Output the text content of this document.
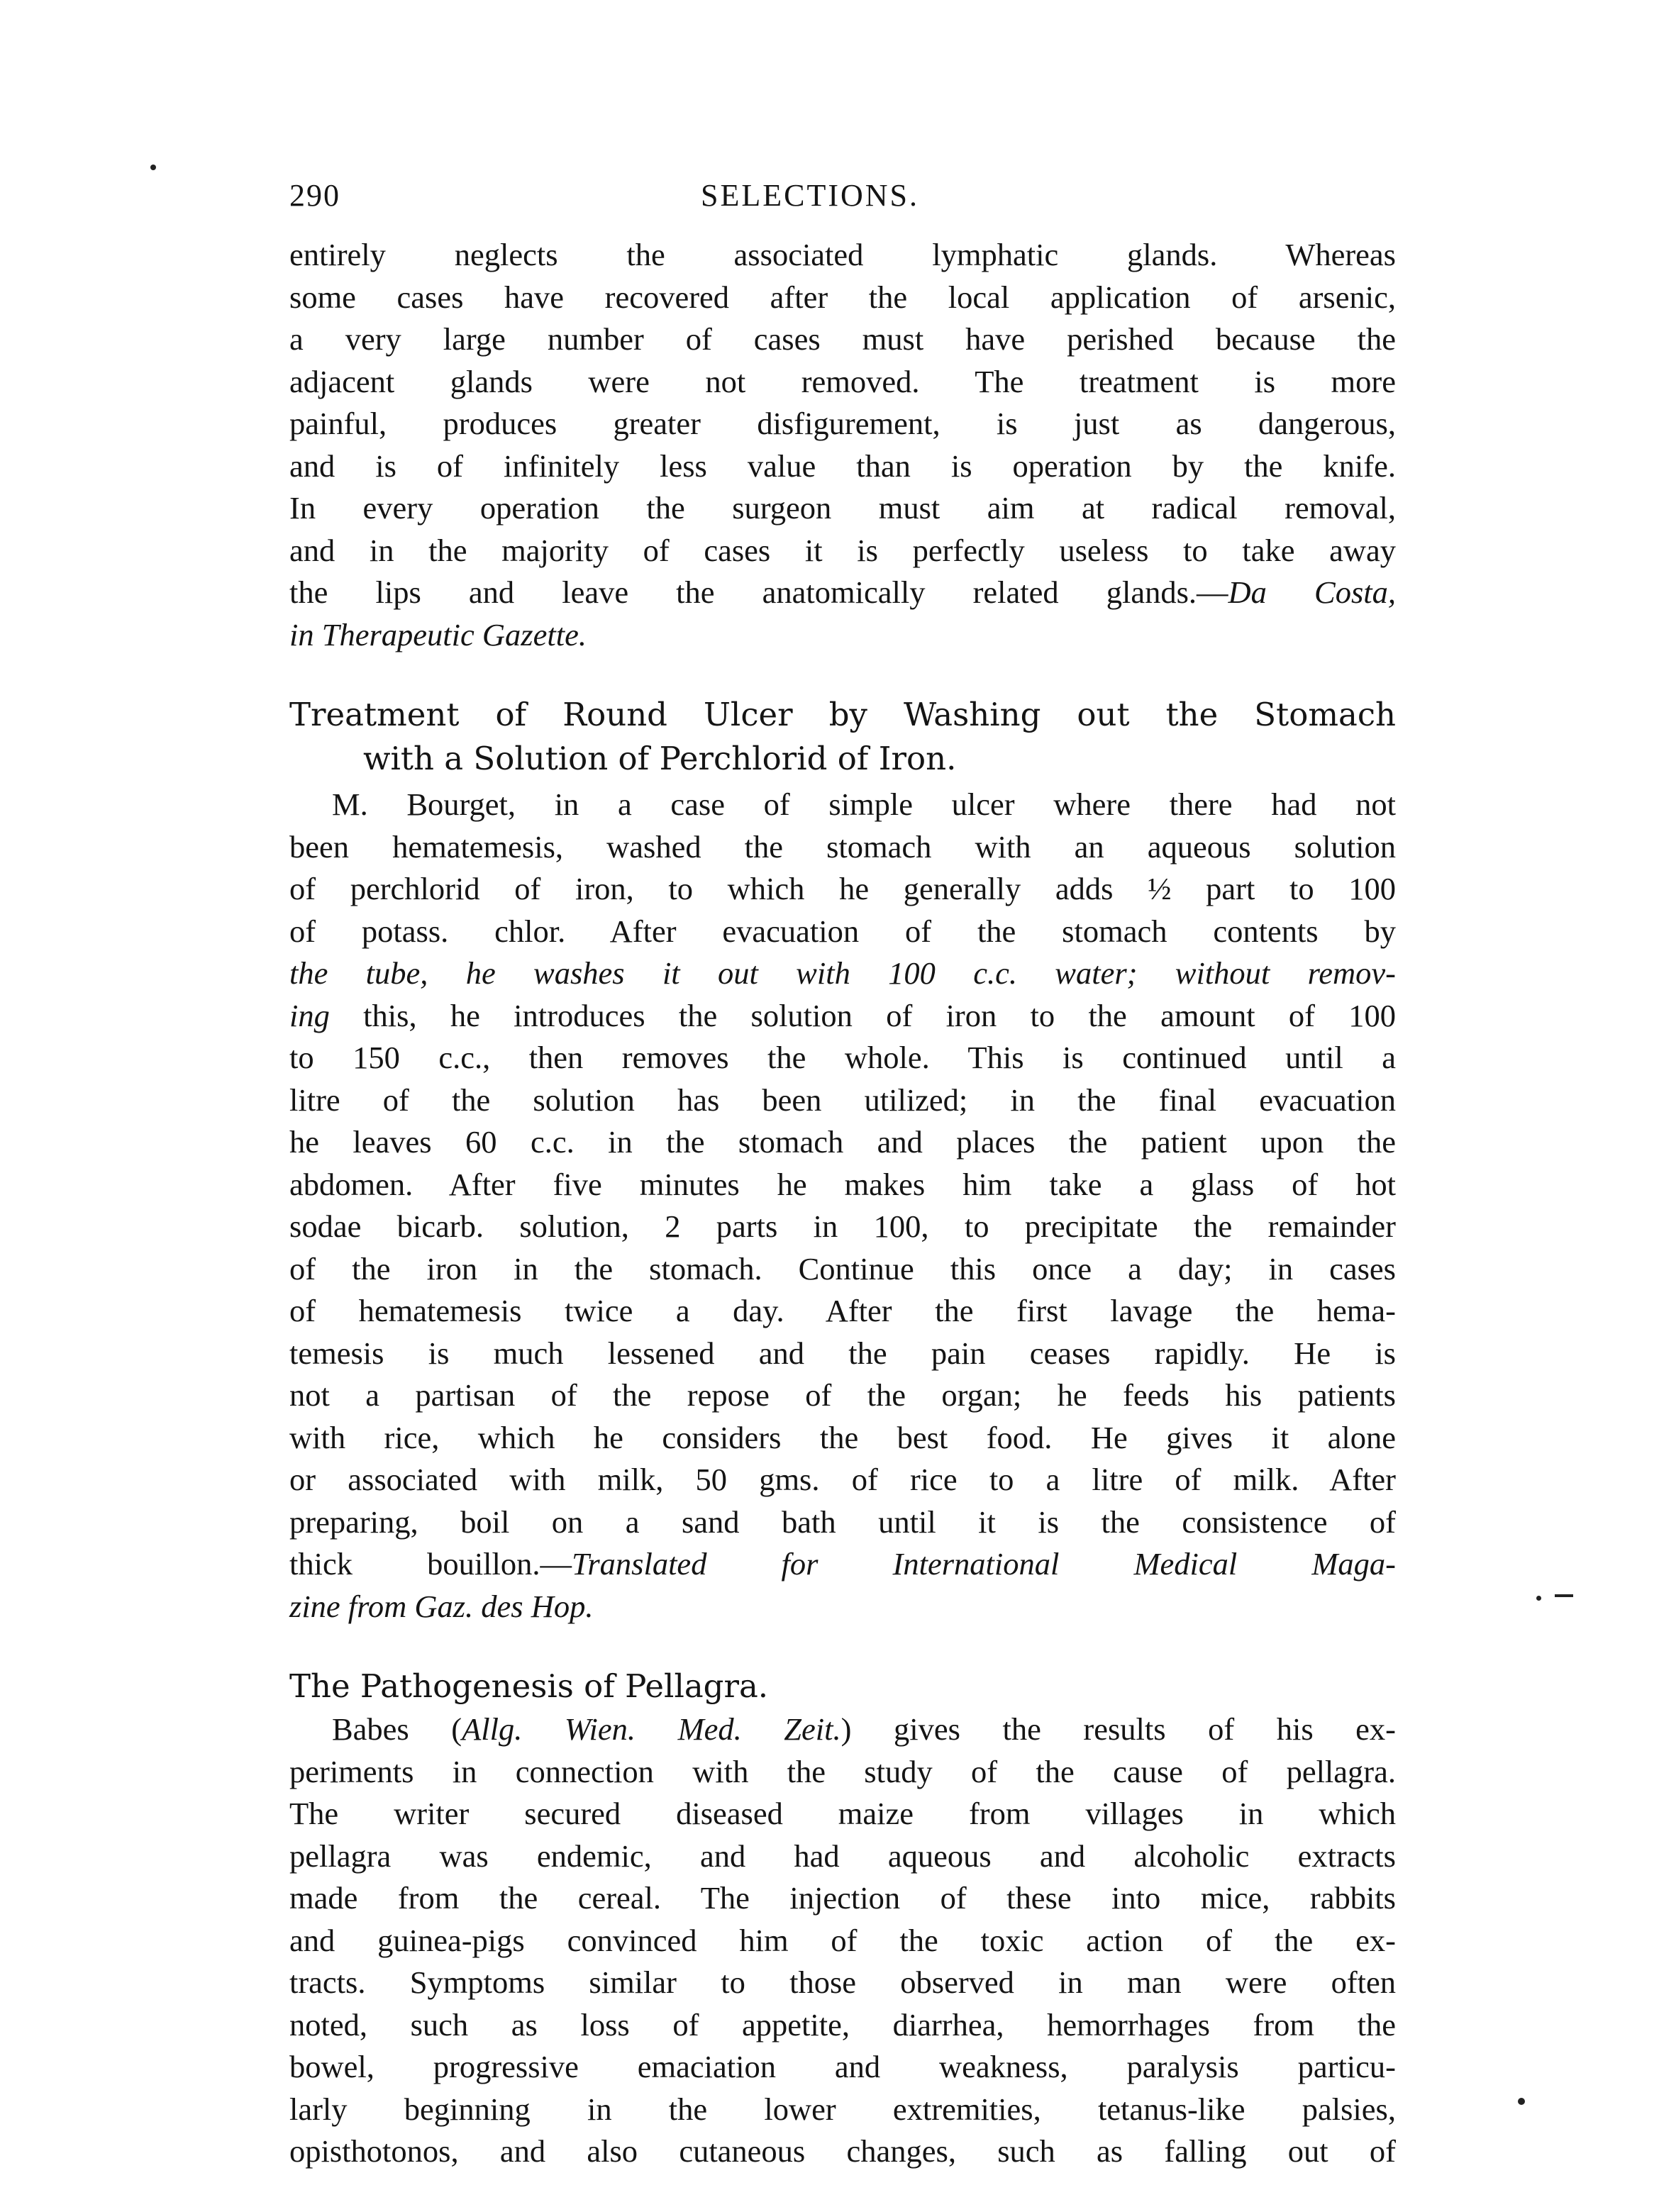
290	SELECTIONS.

entirely neglects the associated lymphatic glands. Whereas
some cases have recovered after the local application of arsenic,
a very large number of cases must have perished because the
adjacent glands were not removed. The treatment is more
painful, produces greater disfigurement, is just as dangerous,
and is of infinitely less value than is operation by the knife.
In every operation the surgeon must aim at radical removal,
and in the majority of cases it is perfectly useless to take away
the lips and leave the anatomically related glands.—Da Costa,
in Therapeutic Gazette.

Treatment of Round Ulcer by Washing out the Stomach
with a Solution of Perchlorid of Iron.

M. Bourget, in a case of simple ulcer where there had not
been hematemesis, washed the stomach with an aqueous solution
of perchlorid of iron, to which he generally adds ½ part to 100
of potass. chlor. After evacuation of the stomach contents by
the tube, he washes it out with 100 c.c. water; without remov-
ing this, he introduces the solution of iron to the amount of 100
to 150 c.c., then removes the whole. This is continued until a
litre of the solution has been utilized; in the final evacuation
he leaves 60 c.c. in the stomach and places the patient upon the
abdomen. After five minutes he makes him take a glass of hot
sodae bicarb. solution, 2 parts in 100, to precipitate the remainder
of the iron in the stomach. Continue this once a day; in cases
of hematemesis twice a day. After the first lavage the hema-
temesis is much lessened and the pain ceases rapidly. He is
not a partisan of the repose of the organ; he feeds his patients
with rice, which he considers the best food. He gives it alone
or associated with milk, 50 gms. of rice to a litre of milk. After
preparing, boil on a sand bath until it is the consistence of
thick bouillon.—Translated for International Medical Maga-
zine from Gaz. des Hop.

The Pathogenesis of Pellagra.

Babes (Allg. Wien. Med. Zeit.) gives the results of his ex-
periments in connection with the study of the cause of pellagra.
The writer secured diseased maize from villages in which
pellagra was endemic, and had aqueous and alcoholic extracts
made from the cereal. The injection of these into mice, rabbits
and guinea-pigs convinced him of the toxic action of the ex-
tracts. Symptoms similar to those observed in man were often
noted, such as loss of appetite, diarrhea, hemorrhages from the
bowel, progressive emaciation and weakness, paralysis particu-
larly beginning in the lower extremities, tetanus-like palsies,
opisthotonos, and also cutaneous changes, such as falling out of
